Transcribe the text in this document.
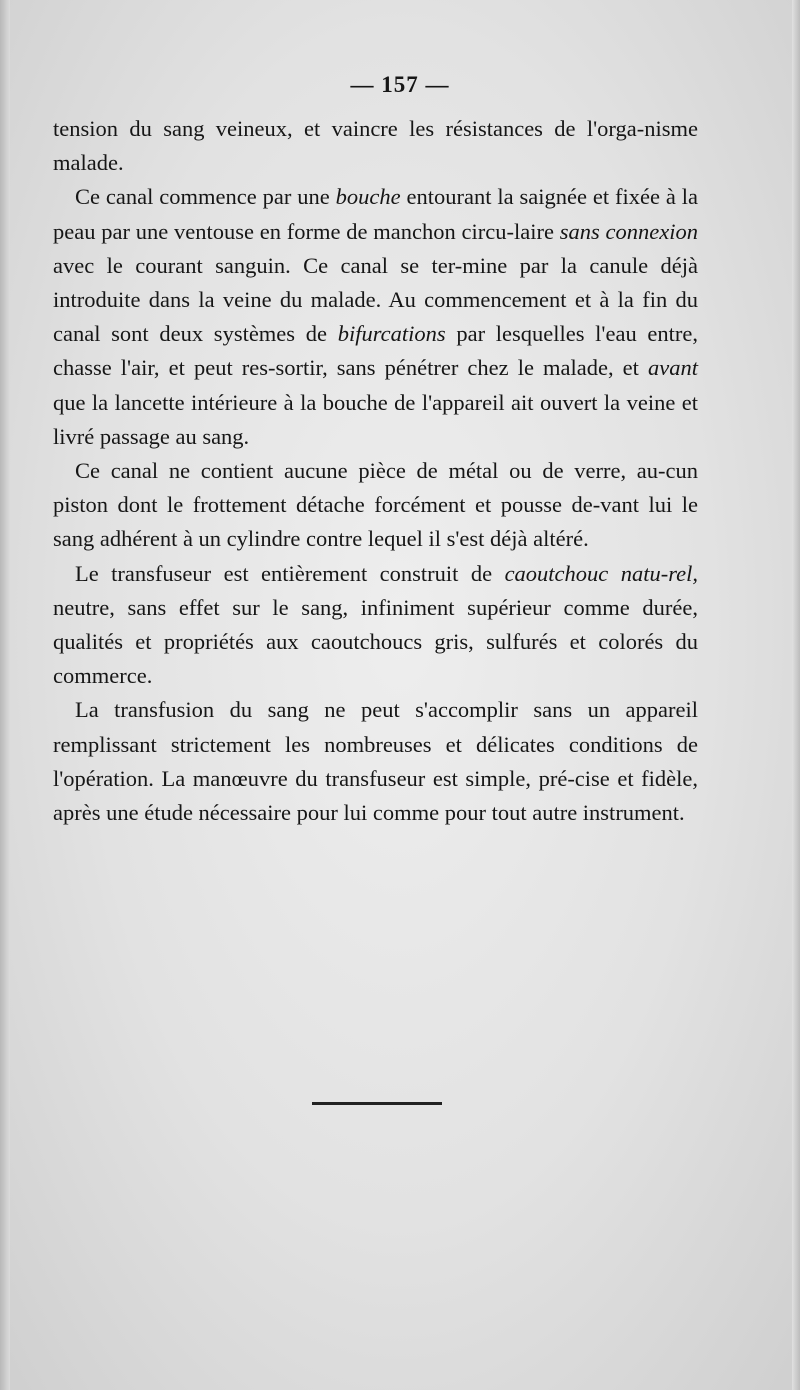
— 157 —

tension du sang veineux, et vaincre les résistances de l'orga-nisme malade.

Ce canal commence par une bouche entourant la saignée et fixée à la peau par une ventouse en forme de manchon circu-laire sans connexion avec le courant sanguin. Ce canal se ter-mine par la canule déjà introduite dans la veine du malade. Au commencement et à la fin du canal sont deux systèmes de bifurcations par lesquelles l'eau entre, chasse l'air, et peut res-sortir, sans pénétrer chez le malade, et avant que la lancette intérieure à la bouche de l'appareil ait ouvert la veine et livré passage au sang.

Ce canal ne contient aucune pièce de métal ou de verre, au-cun piston dont le frottement détache forcément et pousse de-vant lui le sang adhérent à un cylindre contre lequel il s'est déjà altéré.

Le transfuseur est entièrement construit de caoutchouc natu-rel, neutre, sans effet sur le sang, infiniment supérieur comme durée, qualités et propriétés aux caoutchoucs gris, sulfurés et colorés du commerce.

La transfusion du sang ne peut s'accomplir sans un appareil remplissant strictement les nombreuses et délicates conditions de l'opération. La manœuvre du transfuseur est simple, pré-cise et fidèle, après une étude nécessaire pour lui comme pour tout autre instrument.
